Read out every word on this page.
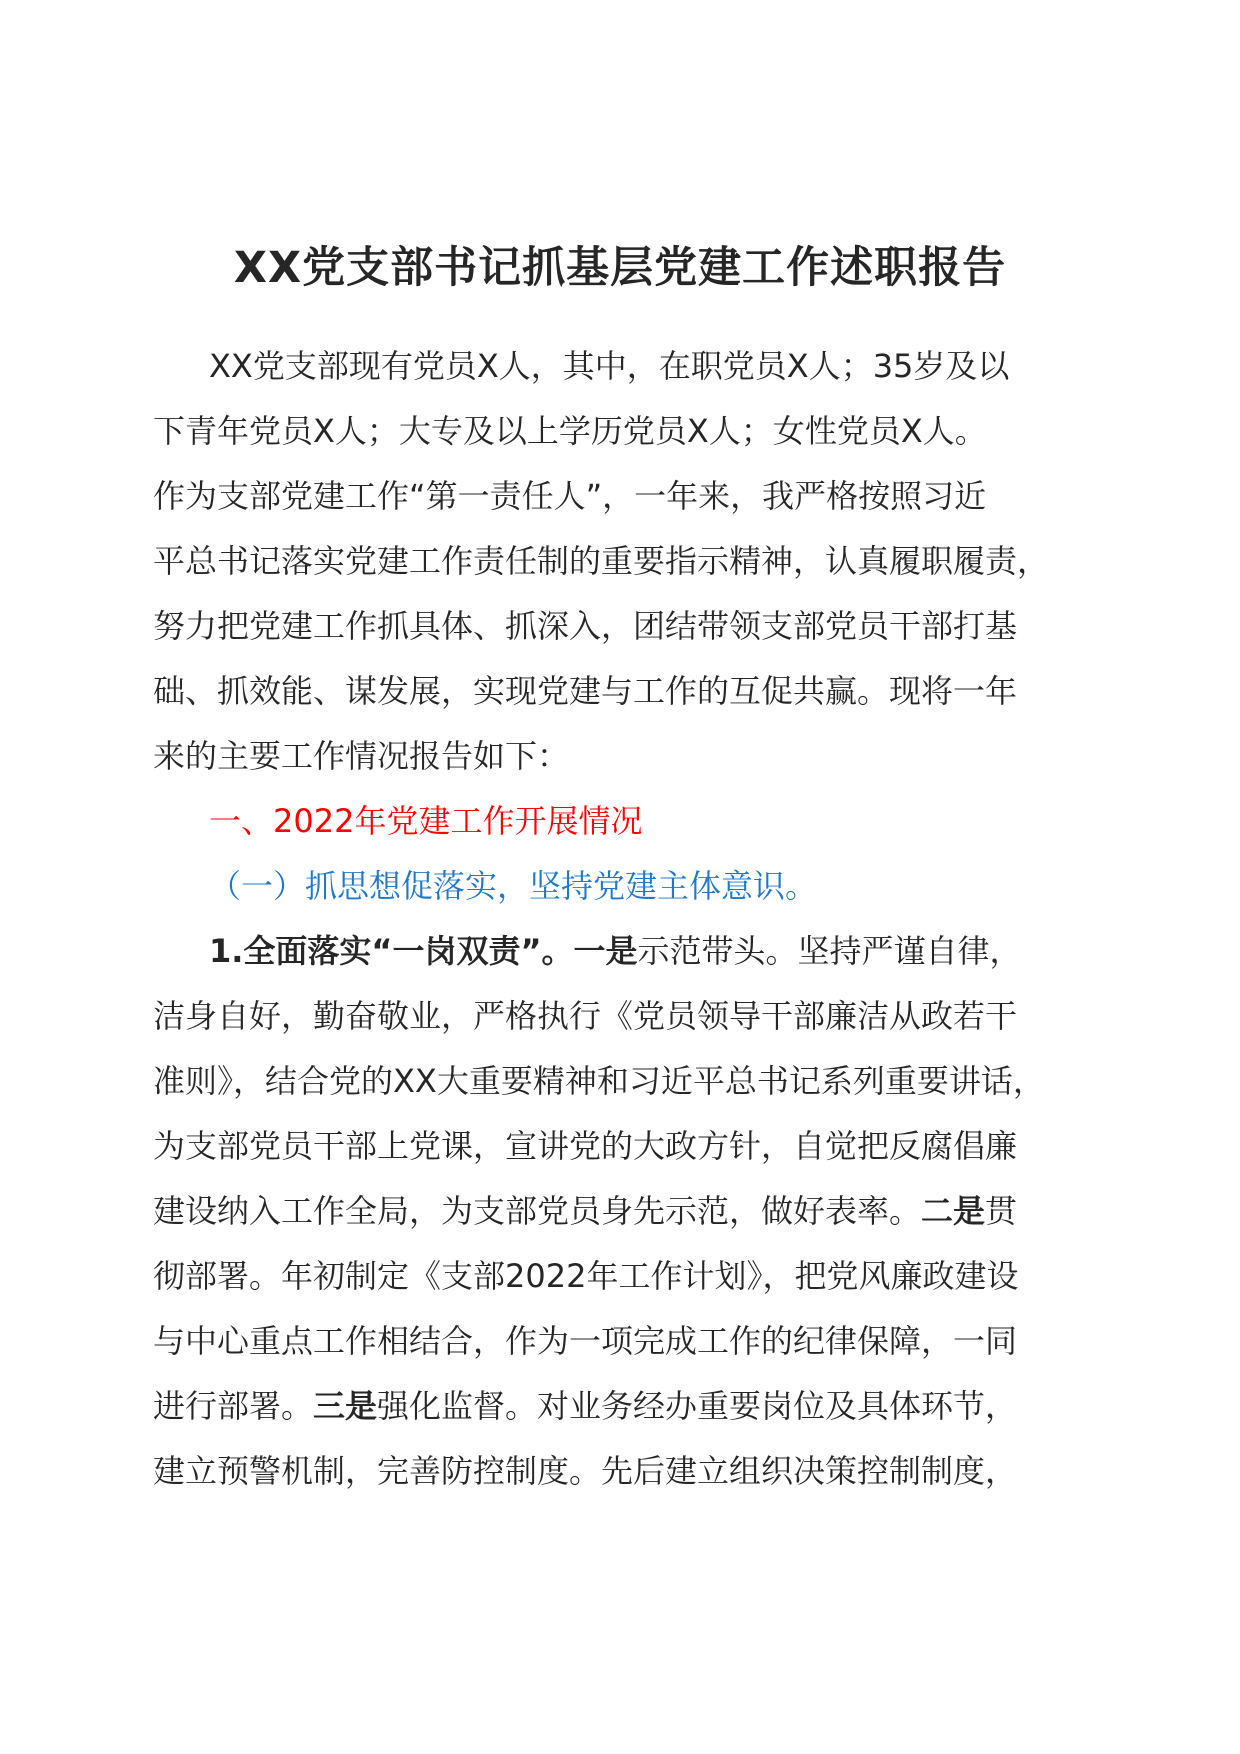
XX党支部书记抓基层党建工作述职报告
XX党支部现有党员X人，其中，在职党员X人；35岁及以
下青年党员X人；大专及以上学历党员X人；女性党员X人。
作为支部党建工作“第一责任人”，一年来，我严格按照习近
平总书记落实党建工作责任制的重要指示精神，认真履职履责，
努力把党建工作抓具体、抓深入，团结带领支部党员干部打基
础、抓效能、谋发展，实现党建与工作的互促共赢。现将一年
来的主要工作情况报告如下：
一、2022年党建工作开展情况
（一）抓思想促落实，坚持党建主体意识。
1.全面落实“一岗双责”。一是示范带头。坚持严谨自律，
洁身自好，勤奋敬业，严格执行《党员领导干部廉洁从政若干
准则》，结合党的XX大重要精神和习近平总书记系列重要讲话，
为支部党员干部上党课，宣讲党的大政方针，自觉把反腐倡廉
建设纳入工作全局，为支部党员身先示范，做好表率。二是贯
彻部署。年初制定《支部2022年工作计划》，把党风廉政建设
与中心重点工作相结合，作为一项完成工作的纪律保障，一同
进行部署。三是强化监督。对业务经办重要岗位及具体环节，
建立预警机制，完善防控制度。先后建立组织决策控制制度，
